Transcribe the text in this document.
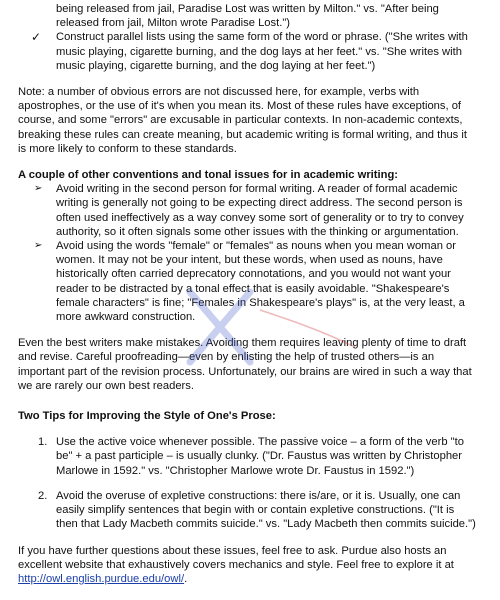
being released from jail, Paradise Lost was written by Milton." vs. "After being
released from jail, Milton wrote Paradise Lost.")
✓ Construct parallel lists using the same form of the word or phrase. ("She writes with
music playing, cigarette burning, and the dog lays at her feet." vs. "She writes with
music playing, cigarette burning, and the dog laying at her feet.")
Note: a number of obvious errors are not discussed here, for example, verbs with
apostrophes, or the use of it's when you mean its. Most of these rules have exceptions, of
course, and some "errors" are excusable in particular contexts. In non-academic contexts,
breaking these rules can create meaning, but academic writing is formal writing, and thus it
is more likely to conform to these standards.
A couple of other conventions and tonal issues for in academic writing:
➢ Avoid writing in the second person for formal writing. A reader of formal academic
writing is generally not going to be expecting direct address. The second person is
often used ineffectively as a way convey some sort of generality or to try to convey
authority, so it often signals some other issues with the thinking or argumentation.
➢ Avoid using the words "female" or "females" as nouns when you mean woman or
women. It may not be your intent, but these words, when used as nouns, have
historically often carried deprecatory connotations, and you would not want your
reader to be distracted by a tonal effect that is easily avoidable. "Shakespeare's
female characters" is fine; "Females in Shakespeare's plays" is, at the very least, a
more awkward construction.
Even the best writers make mistakes. Avoiding them requires leaving plenty of time to draft
and revise. Careful proofreading—even by enlisting the help of trusted others—is an
important part of the revision process. Unfortunately, our brains are wired in such a way that
we are rarely our own best readers.
Two Tips for Improving the Style of One's Prose:
1. Use the active voice whenever possible. The passive voice – a form of the verb "to
be" + a past participle – is usually clunky. ("Dr. Faustus was written by Christopher
Marlowe in 1592." vs. "Christopher Marlowe wrote Dr. Faustus in 1592.")
2. Avoid the overuse of expletive constructions: there is/are, or it is. Usually, one can
easily simplify sentences that begin with or contain expletive constructions. ("It is
then that Lady Macbeth commits suicide." vs. "Lady Macbeth then commits suicide.")
If you have further questions about these issues, feel free to ask. Purdue also hosts an
excellent website that exhaustively covers mechanics and style. Feel free to explore it at
http://owl.english.purdue.edu/owl/.
